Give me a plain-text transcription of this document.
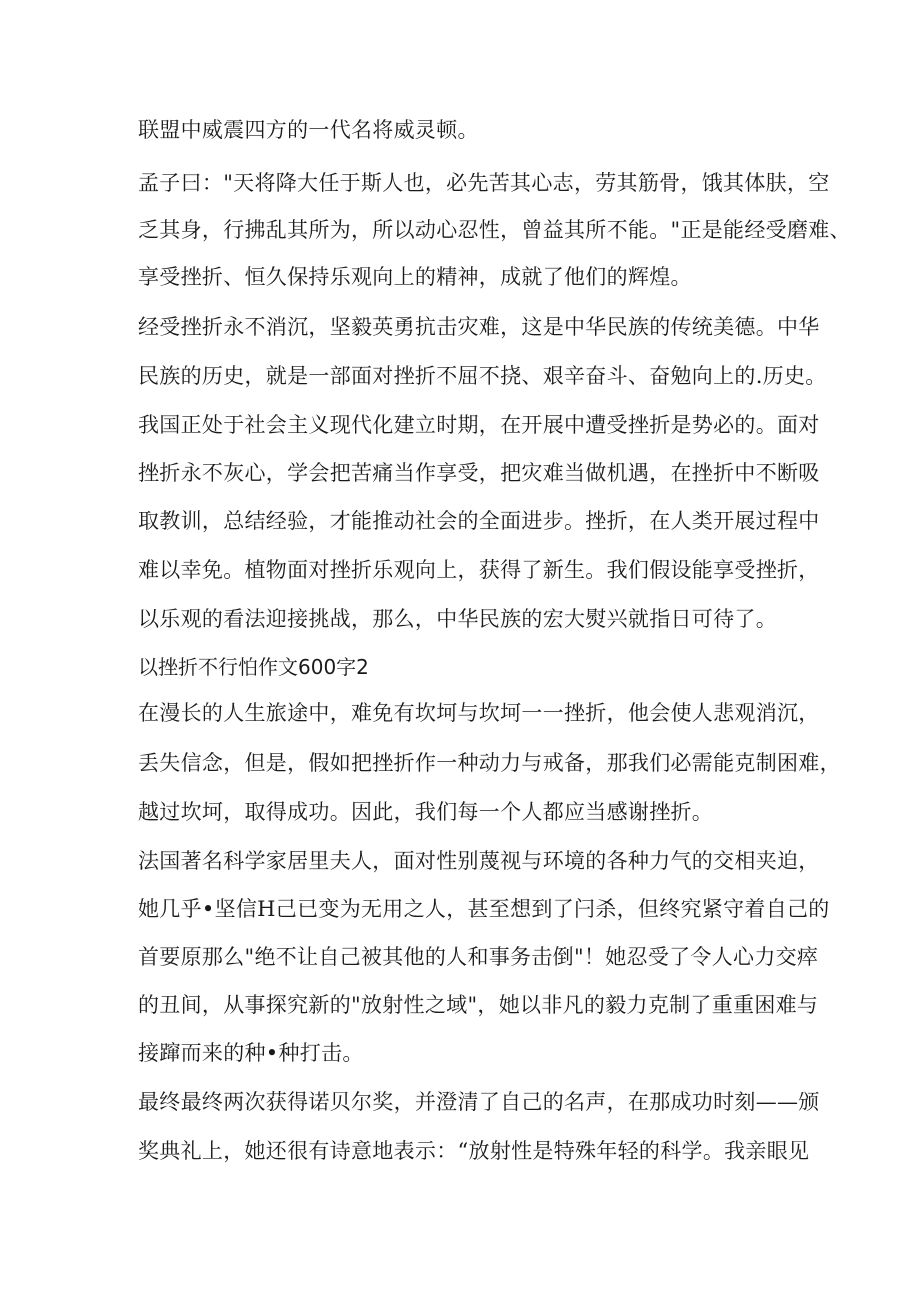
联盟中威震四方的一代名将威灵顿。
孟子曰："天将降大任于斯人也，必先苦其心志，劳其筋骨，饿其体肤，空
乏其身，行拂乱其所为，所以动心忍性，曾益其所不能。"正是能经受磨难、
享受挫折、恒久保持乐观向上的精神，成就了他们的辉煌。
经受挫折永不消沉，坚毅英勇抗击灾难，这是中华民族的传统美德。中华
民族的历史，就是一部面对挫折不屈不挠、艰辛奋斗、奋勉向上的.历史。
我国正处于社会主义现代化建立时期，在开展中遭受挫折是势必的。面对
挫折永不灰心，学会把苦痛当作享受，把灾难当做机遇，在挫折中不断吸
取教训，总结经验，才能推动社会的全面进步。挫折，在人类开展过程中
难以幸免。植物面对挫折乐观向上，获得了新生。我们假设能享受挫折，
以乐观的看法迎接挑战，那么，中华民族的宏大熨兴就指日可待了。
以挫折不行怕作文600字2
在漫长的人生旅途中，难免有坎坷与坎坷一一挫折，他会使人悲观消沉，
丢失信念，但是，假如把挫折作一种动力与戒备，那我们必需能克制困难，
越过坎坷，取得成功。因此，我们每一个人都应当感谢挫折。
法国著名科学家居里夫人，面对性别蔑视与环境的各种力气的交相夹迫，
她几乎•坚信H己已变为无用之人，甚至想到了闩杀，但终究紧守着自己的
首要原那么"绝不让自己被其他的人和事务击倒"！她忍受了令人心力交瘁
的丑间，从事探究新的"放射性之域"，她以非凡的毅力克制了重重困难与
接蹿而来的种•种打击。
最终最终两次获得诺贝尔奖，并澄清了自己的名声，在那成功时刻——颁
奖典礼上，她还很有诗意地表示：“放射性是特殊年轻的科学。我亲眼见
